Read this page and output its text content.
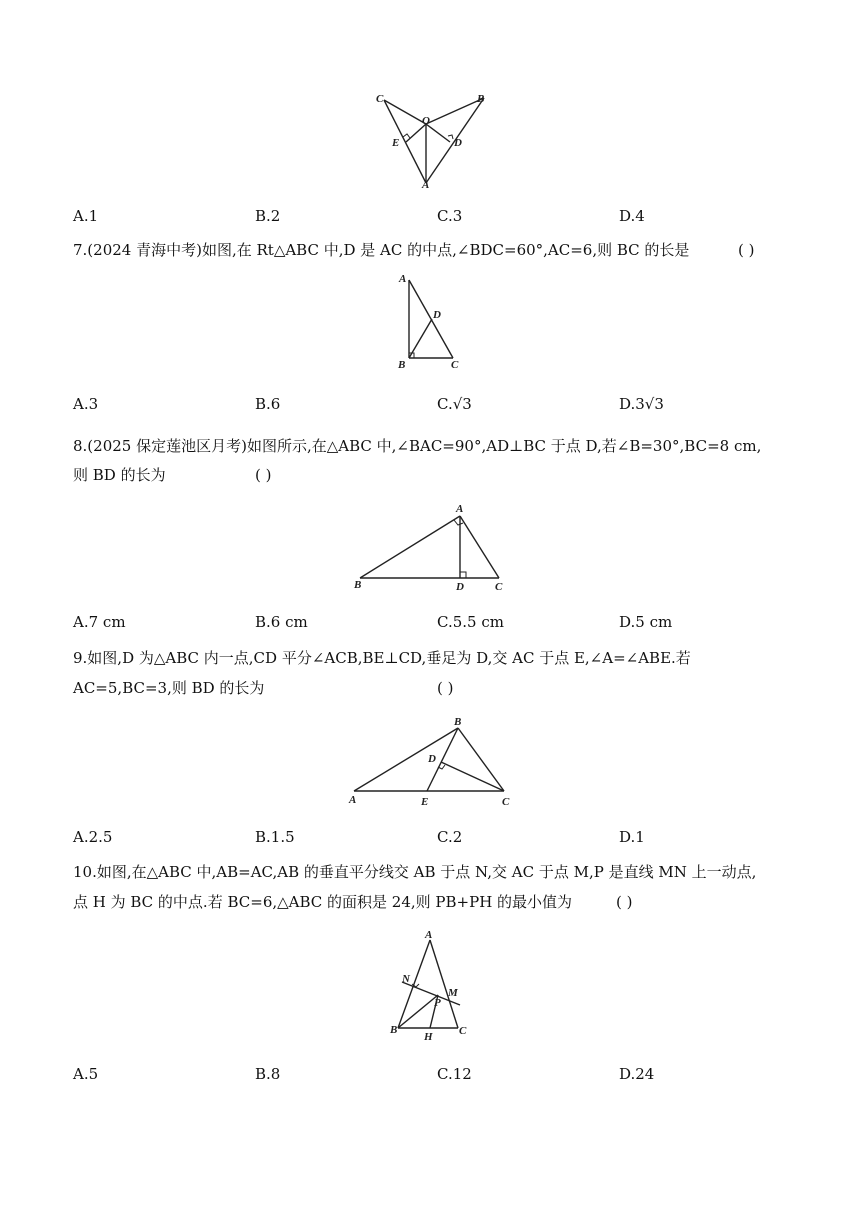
C	B
O
E	D
A
A.1	B.2	C.3	D.4
7.(2024 青海中考)如图,在 Rt△ABC 中,D 是 AC 的中点,∠BDC=60°,AC=6,则 BC 的长是	( )
A
D
B	C
A.3	B.6	C.√3	D.3√3
8.(2025 保定莲池区月考)如图所示,在△ABC 中,∠BAC=90°,AD⊥BC 于点 D,若∠B=30°,BC=8 cm,
则 BD 的长为	( )
A
B	D	C
A.7 cm	B.6 cm	C.5.5 cm	D.5 cm
9.如图,D 为△ABC 内一点,CD 平分∠ACB,BE⊥CD,垂足为 D,交 AC 于点 E,∠A=∠ABE.若
AC=5,BC=3,则 BD 的长为	( )
B
D
A	E	C
A.2.5	B.1.5	C.2	D.1
10.如图,在△ABC 中,AB=AC,AB 的垂直平分线交 AB 于点 N,交 AC 于点 M,P 是直线 MN 上一动点,
点 H 为 BC 的中点.若 BC=6,△ABC 的面积是 24,则 PB+PH 的最小值为	( )
A
N
M
P
B
H C
A.5	B.8	C.12	D.24
